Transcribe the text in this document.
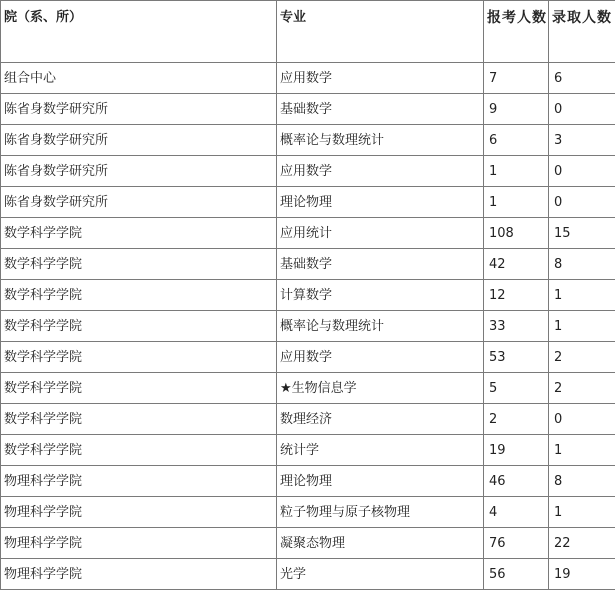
院（系、所）	专业	报考人数	录取人数
组合中心	应用数学	7	6
陈省身数学研究所	基础数学	9	0
陈省身数学研究所	概率论与数理统计	6	3
陈省身数学研究所	应用数学	1	0
陈省身数学研究所	理论物理	1	0
数学科学学院	应用统计	108	15
数学科学学院	基础数学	42	8
数学科学学院	计算数学	12	1
数学科学学院	概率论与数理统计	33	1
数学科学学院	应用数学	53	2
数学科学学院	★生物信息学	5	2
数学科学学院	数理经济	2	0
数学科学学院	统计学	19	1
物理科学学院	理论物理	46	8
物理科学学院	粒子物理与原子核物理	4	1
物理科学学院	凝聚态物理	76	22
物理科学学院	光学	56	19
